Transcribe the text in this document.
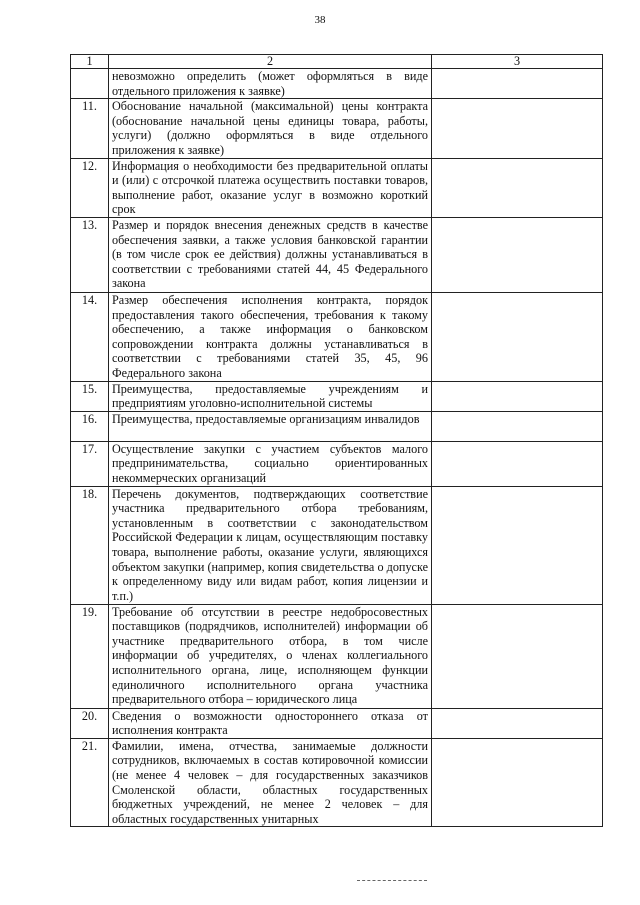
38
1	2	3
	невозможно определить (может оформляться в виде отдельного приложения к заявке)	
11.	Обоснование начальной (максимальной) цены контракта (обоснование начальной цены единицы товара, работы, услуги) (должно оформляться в виде отдельного приложения к заявке)	
12.	Информация о необходимости без предварительной оплаты и (или) с отсрочкой платежа осуществить поставки товаров, выполнение работ, оказание услуг в возможно короткий срок	
13.	Размер и порядок внесения денежных средств в качестве обеспечения заявки, а также условия банковской гарантии (в том числе срок ее действия) должны устанавливаться в соответствии с требованиями статей 44, 45 Федерального закона	
14.	Размер обеспечения исполнения контракта, порядок предоставления такого обеспечения, требования к такому обеспечению, а также информация о банковском сопровождении контракта должны устанавливаться в соответствии с требованиями статей 35, 45, 96 Федерального закона	
15.	Преимущества, предоставляемые учреждениям и предприятиям уголовно-исполнительной системы	
16.	Преимущества, предоставляемые организациям инвалидов	
17.	Осуществление закупки с участием субъектов малого предпринимательства, социально ориентированных некоммерческих организаций	
18.	Перечень документов, подтверждающих соответствие участника предварительного отбора требованиям, установленным в соответствии с законодательством Российской Федерации к лицам, осуществляющим поставку товара, выполнение работы, оказание услуги, являющихся объектом закупки (например, копия свидетельства о допуске к определенному виду или видам работ, копия лицензии и т.п.)	
19.	Требование об отсутствии в реестре недобросовестных поставщиков (подрядчиков, исполнителей) информации об участнике предварительного отбора, в том числе информации об учредителях, о членах коллегиального исполнительного органа, лице, исполняющем функции единоличного исполнительного органа участника предварительного отбора – юридического лица	
20.	Сведения о возможности одностороннего отказа от исполнения контракта	
21.	Фамилии, имена, отчества, занимаемые должности сотрудников, включаемых в состав котировочной комиссии (не менее 4 человек – для государственных заказчиков Смоленской области, областных государственных бюджетных учреждений, не менее 2 человек – для областных государственных унитарных	
